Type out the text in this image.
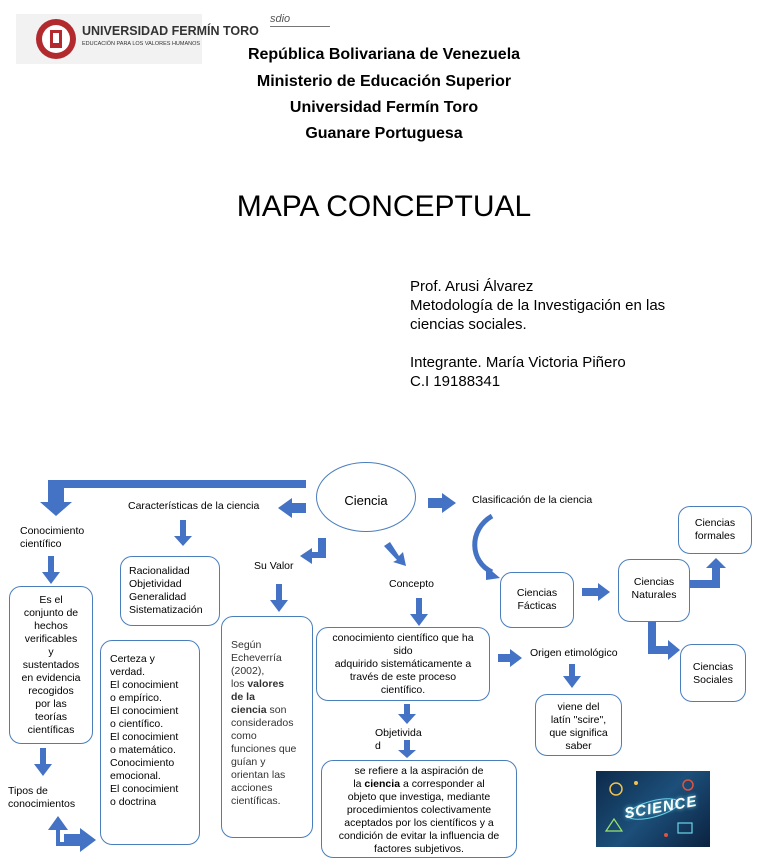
UNIVERSIDAD FERMÍN TORO
EDUCACIÓN PARA LOS VALORES HUMANOS
sdio
República Bolivariana de Venezuela
Ministerio de Educación Superior
Universidad Fermín Toro
Guanare Portuguesa
MAPA CONCEPTUAL
Prof. Arusi Álvarez
Metodología de la Investigación en las
ciencias sociales.
Integrante. María Victoria Piñero
C.I 19188341
Ciencia
Características de la ciencia	Clasificación de la ciencia
Conocimiento
científico
Es el
conjunto de
hechos
verificables
y
sustentados
en evidencia
recogidos
por las
teorías
científicas
Tipos de
conocimientos
Racionalidad
Objetividad
Generalidad
Sistematización
Certeza y
verdad.
El conocimient
o empírico.
El conocimient
o científico.
El conocimient
o matemático.
Conocimiento
emocional.
El conocimient
o doctrina
Su Valor
Según
Echeverría
(2002),
los valores
de la
ciencia son
considerados
como
funciones que
guían y
orientan las
acciones
científicas.
Concepto
conocimiento científico que ha
sido
adquirido sistemáticamente a
través de este proceso
científico.
Objetivida
d
se refiere a la aspiración de
la ciencia a corresponder al
objeto que investiga, mediante
procedimientos colectivamente
aceptados por los científicos y a
condición de evitar la influencia de
factores subjetivos.
Origen etimológico
viene del
latín "scire",
que significa
saber
Ciencias
Fácticas
Ciencias
Naturales
Ciencias
formales
Ciencias
Sociales
SCIENCE
